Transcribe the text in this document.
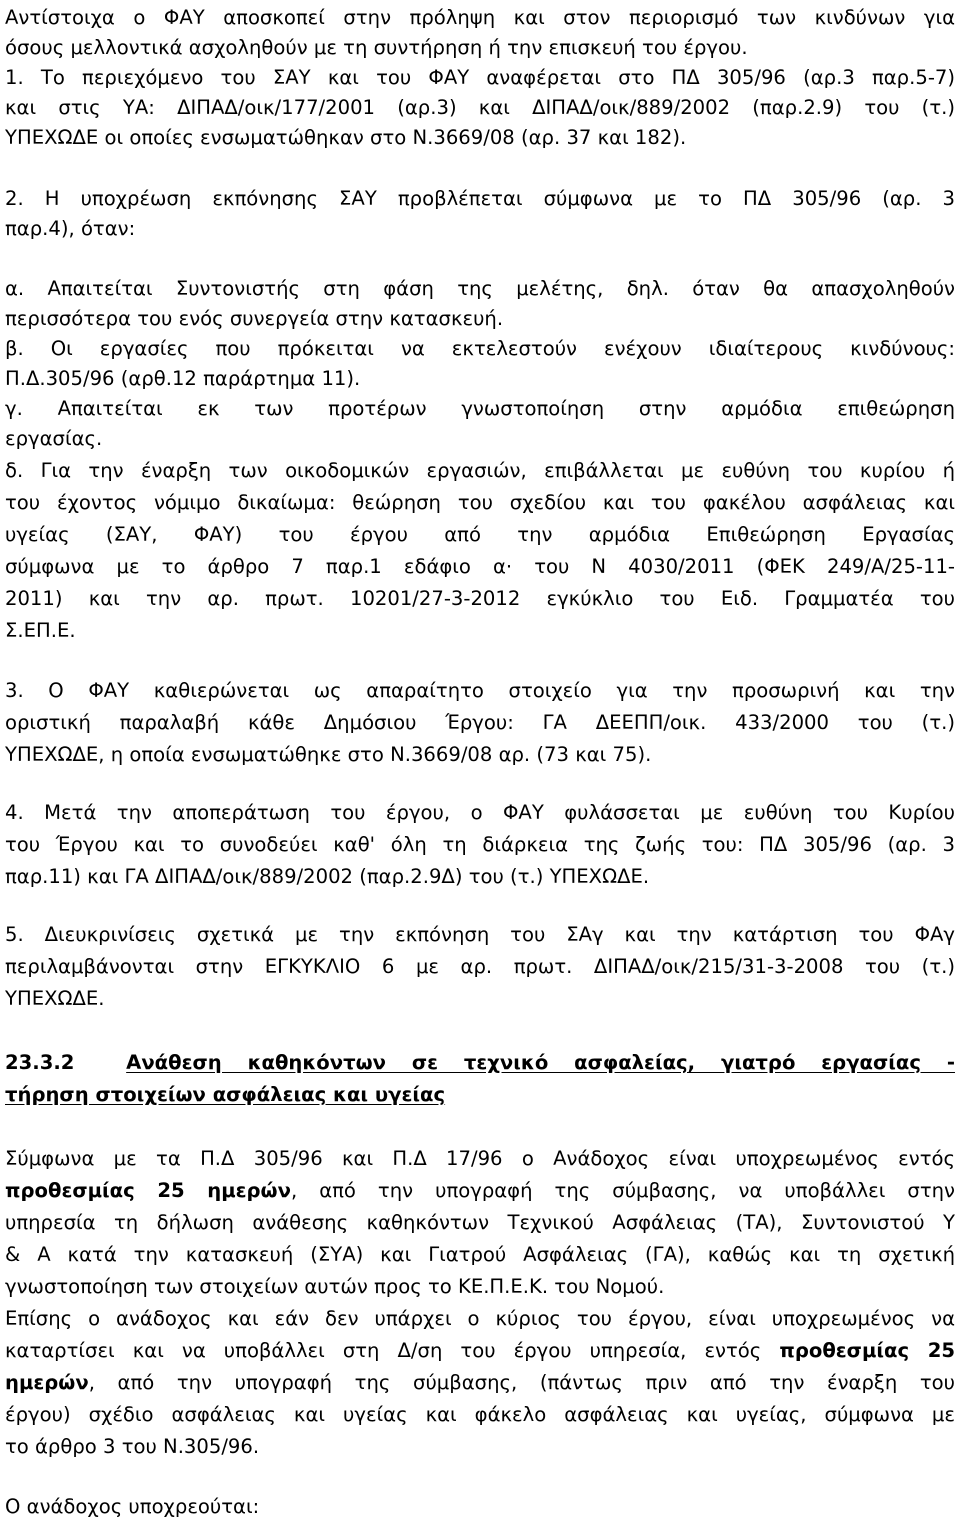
Αντίστοιχα ο ΦΑΥ αποσκοπεί στην πρόληψη και στον περιορισμό των κινδύνων για
όσους μελλοντικά ασχοληθούν με τη συντήρηση ή την επισκευή του έργου.
1. Το περιεχόμενο του ΣΑΥ και του ΦΑΥ αναφέρεται στο ΠΔ 305/96 (αρ.3 παρ.5-7)
και στις ΥΑ: ΔΙΠΑΔ/οικ/177/2001 (αρ.3) και ΔΙΠΑΔ/οικ/889/2002 (παρ.2.9) του (τ.)
ΥΠΕΧΩΔΕ οι οποίες ενσωματώθηκαν στο Ν.3669/08 (αρ. 37 και 182).
2. Η υποχρέωση εκπόνησης ΣΑΥ προβλέπεται σύμφωνα με το ΠΔ 305/96 (αρ. 3
παρ.4), όταν:
α. Απαιτείται Συντονιστής στη φάση της μελέτης, δηλ. όταν θα απασχοληθούν
περισσότερα του ενός συνεργεία στην κατασκευή.
β. Οι εργασίες που πρόκειται να εκτελεστούν ενέχουν ιδιαίτερους κινδύνους:
Π.Δ.305/96 (αρθ.12 παράρτημα 11).
γ. Απαιτείται εκ των προτέρων γνωστοποίηση στην αρμόδια επιθεώρηση
εργασίας.
δ. Για την έναρξη των οικοδομικών εργασιών, επιβάλλεται με ευθύνη του κυρίου ή
του έχοντος νόμιμο δικαίωμα: θεώρηση του σχεδίου και του φακέλου ασφάλειας και
υγείας (ΣΑΥ, ΦΑΥ) του έργου από την αρμόδια Επιθεώρηση Εργασίας
σύμφωνα με το άρθρο 7 παρ.1 εδάφιο α· του Ν 4030/2011 (ΦΕΚ 249/Α/25-11-
2011) και την αρ. πρωτ. 10201/27-3-2012 εγκύκλιο του Ειδ. Γραμματέα του
Σ.ΕΠ.Ε.
3. Ο ΦΑΥ καθιερώνεται ως απαραίτητο στοιχείο για την προσωρινή και την
οριστική παραλαβή κάθε Δημόσιου Έργου: ΓΑ ΔΕΕΠΠ/οικ. 433/2000 του (τ.)
ΥΠΕΧΩΔΕ, η οποία ενσωματώθηκε στο Ν.3669/08 αρ. (73 και 75).
4. Μετά την αποπεράτωση του έργου, ο ΦΑΥ φυλάσσεται με ευθύνη του Κυρίου
του Έργου και το συνοδεύει καθ' όλη τη διάρκεια της ζωής του: ΠΔ 305/96 (αρ. 3
παρ.11) και ΓΑ ΔΙΠΑΔ/οικ/889/2002 (παρ.2.9Δ) του (τ.) ΥΠΕΧΩΔΕ.
5. Διευκρινίσεις σχετικά με την εκπόνηση του ΣΑγ και την κατάρτιση του ΦΑγ
περιλαμβάνονται στην ΕΓΚΥΚΛΙΟ 6 με αρ. πρωτ. ΔΙΠΑΔ/οικ/215/31-3-2008 του (τ.)
ΥΠΕΧΩΔΕ.
23.3.2	Ανάθεση καθηκόντων σε τεχνικό ασφαλείας, γιατρό εργασίας -
τήρηση στοιχείων ασφάλειας και υγείας
Σύμφωνα με τα Π.Δ 305/96 και Π.Δ 17/96 ο Ανάδοχος είναι υποχρεωμένος εντός
προθεσμίας 25 ημερών, από την υπογραφή της σύμβασης, να υποβάλλει στην
υπηρεσία τη δήλωση ανάθεσης καθηκόντων Τεχνικού Ασφάλειας (ΤΑ), Συντονιστού Υ
& Α κατά την κατασκευή (ΣΥΑ) και Γιατρού Ασφάλειας (ΓΑ), καθώς και τη σχετική
γνωστοποίηση των στοιχείων αυτών προς το ΚΕ.Π.Ε.Κ. του Νομού.
Επίσης ο ανάδοχος και εάν δεν υπάρχει ο κύριος του έργου, είναι υποχρεωμένος να
καταρτίσει και να υποβάλλει στη Δ/ση του έργου υπηρεσία, εντός προθεσμίας 25
ημερών, από την υπογραφή της σύμβασης, (πάντως πριν από την έναρξη του
έργου) σχέδιο ασφάλειας και υγείας και φάκελο ασφάλειας και υγείας, σύμφωνα με
το άρθρο 3 του Ν.305/96.
Ο ανάδοχος υποχρεούται:
